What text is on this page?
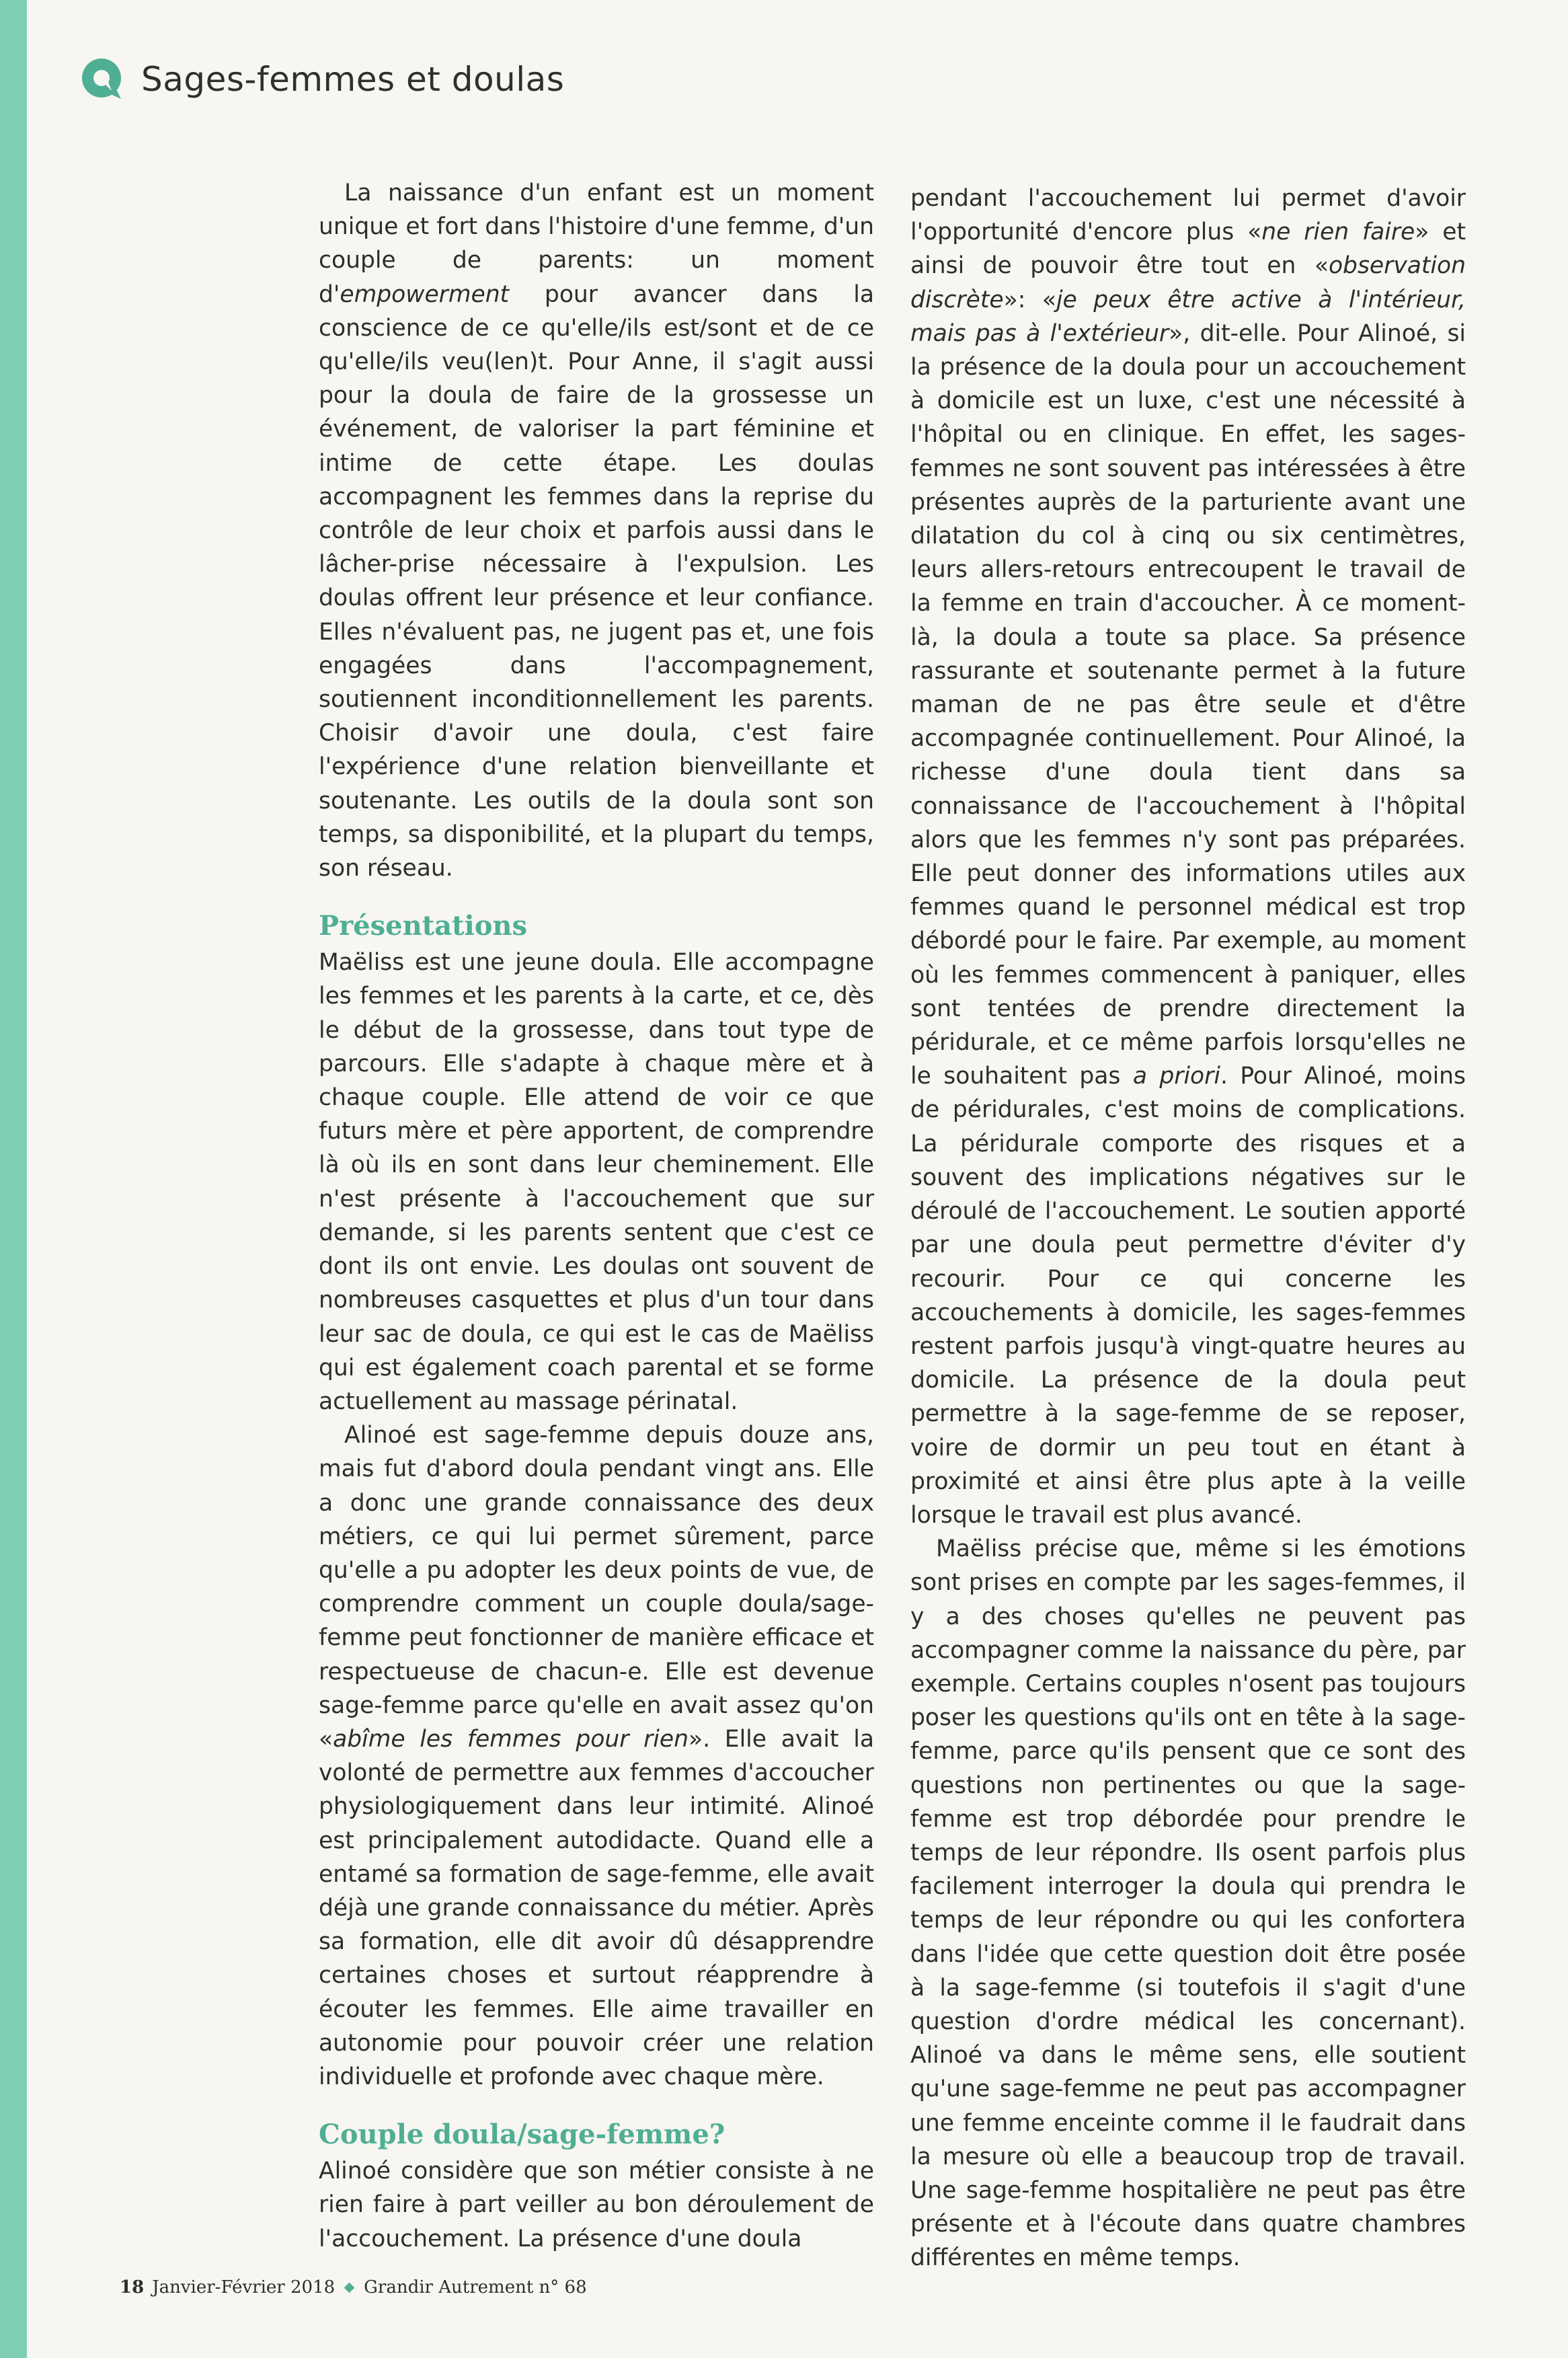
Sages-femmes et doulas

La naissance d'un enfant est un moment unique et fort dans l'histoire d'une femme, d'un couple de parents: un moment d'empowerment pour avancer dans la conscience de ce qu'elle/ils est/sont et de ce qu'elle/ils veu(len)t. Pour Anne, il s'agit aussi pour la doula de faire de la grossesse un événement, de valoriser la part féminine et intime de cette étape. Les doulas accompagnent les femmes dans la reprise du contrôle de leur choix et parfois aussi dans le lâcher-prise nécessaire à l'expulsion. Les doulas offrent leur présence et leur confiance. Elles n'évaluent pas, ne jugent pas et, une fois engagées dans l'accompagnement, soutiennent inconditionnellement les parents. Choisir d'avoir une doula, c'est faire l'expérience d'une relation bienveillante et soutenante. Les outils de la doula sont son temps, sa disponibilité, et la plupart du temps, son réseau.

Présentations

Maëliss est une jeune doula. Elle accompagne les femmes et les parents à la carte, et ce, dès le début de la grossesse, dans tout type de parcours. Elle s'adapte à chaque mère et à chaque couple. Elle attend de voir ce que futurs mère et père apportent, de comprendre là où ils en sont dans leur cheminement. Elle n'est présente à l'accouchement que sur demande, si les parents sentent que c'est ce dont ils ont envie. Les doulas ont souvent de nombreuses casquettes et plus d'un tour dans leur sac de doula, ce qui est le cas de Maëliss qui est également coach parental et se forme actuellement au massage périnatal.

Alinoé est sage-femme depuis douze ans, mais fut d'abord doula pendant vingt ans. Elle a donc une grande connaissance des deux métiers, ce qui lui permet sûrement, parce qu'elle a pu adopter les deux points de vue, de comprendre comment un couple doula/sage-femme peut fonctionner de manière efficace et respectueuse de chacun-e. Elle est devenue sage-femme parce qu'elle en avait assez qu'on «abîme les femmes pour rien». Elle avait la volonté de permettre aux femmes d'accoucher physiologiquement dans leur intimité. Alinoé est principalement autodidacte. Quand elle a entamé sa formation de sage-femme, elle avait déjà une grande connaissance du métier. Après sa formation, elle dit avoir dû désapprendre certaines choses et surtout réapprendre à écouter les femmes. Elle aime travailler en autonomie pour pouvoir créer une relation individuelle et profonde avec chaque mère.

Couple doula/sage-femme?

Alinoé considère que son métier consiste à ne rien faire à part veiller au bon déroulement de l'accouchement. La présence d'une doula

pendant l'accouchement lui permet d'avoir l'opportunité d'encore plus «ne rien faire» et ainsi de pouvoir être tout en «observation discrète»: «je peux être active à l'intérieur, mais pas à l'extérieur», dit-elle. Pour Alinoé, si la présence de la doula pour un accouchement à domicile est un luxe, c'est une nécessité à l'hôpital ou en clinique. En effet, les sages-femmes ne sont souvent pas intéressées à être présentes auprès de la parturiente avant une dilatation du col à cinq ou six centimètres, leurs allers-retours entrecoupent le travail de la femme en train d'accoucher. À ce moment-là, la doula a toute sa place. Sa présence rassurante et soutenante permet à la future maman de ne pas être seule et d'être accompagnée continuellement. Pour Alinoé, la richesse d'une doula tient dans sa connaissance de l'accouchement à l'hôpital alors que les femmes n'y sont pas préparées. Elle peut donner des informations utiles aux femmes quand le personnel médical est trop débordé pour le faire. Par exemple, au moment où les femmes commencent à paniquer, elles sont tentées de prendre directement la péridurale, et ce même parfois lorsqu'elles ne le souhaitent pas a priori. Pour Alinoé, moins de péridurales, c'est moins de complications. La péridurale comporte des risques et a souvent des implications négatives sur le déroulé de l'accouchement. Le soutien apporté par une doula peut permettre d'éviter d'y recourir. Pour ce qui concerne les accouchements à domicile, les sages-femmes restent parfois jusqu'à vingt-quatre heures au domicile. La présence de la doula peut permettre à la sage-femme de se reposer, voire de dormir un peu tout en étant à proximité et ainsi être plus apte à la veille lorsque le travail est plus avancé.

Maëliss précise que, même si les émotions sont prises en compte par les sages-femmes, il y a des choses qu'elles ne peuvent pas accompagner comme la naissance du père, par exemple. Certains couples n'osent pas toujours poser les questions qu'ils ont en tête à la sage-femme, parce qu'ils pensent que ce sont des questions non pertinentes ou que la sage-femme est trop débordée pour prendre le temps de leur répondre. Ils osent parfois plus facilement interroger la doula qui prendra le temps de leur répondre ou qui les confortera dans l'idée que cette question doit être posée à la sage-femme (si toutefois il s'agit d'une question d'ordre médical les concernant). Alinoé va dans le même sens, elle soutient qu'une sage-femme ne peut pas accompagner une femme enceinte comme il le faudrait dans la mesure où elle a beaucoup trop de travail. Une sage-femme hospitalière ne peut pas être présente et à l'écoute dans quatre chambres différentes en même temps.

18 Janvier-Février 2018 Grandir Autrement n° 68
